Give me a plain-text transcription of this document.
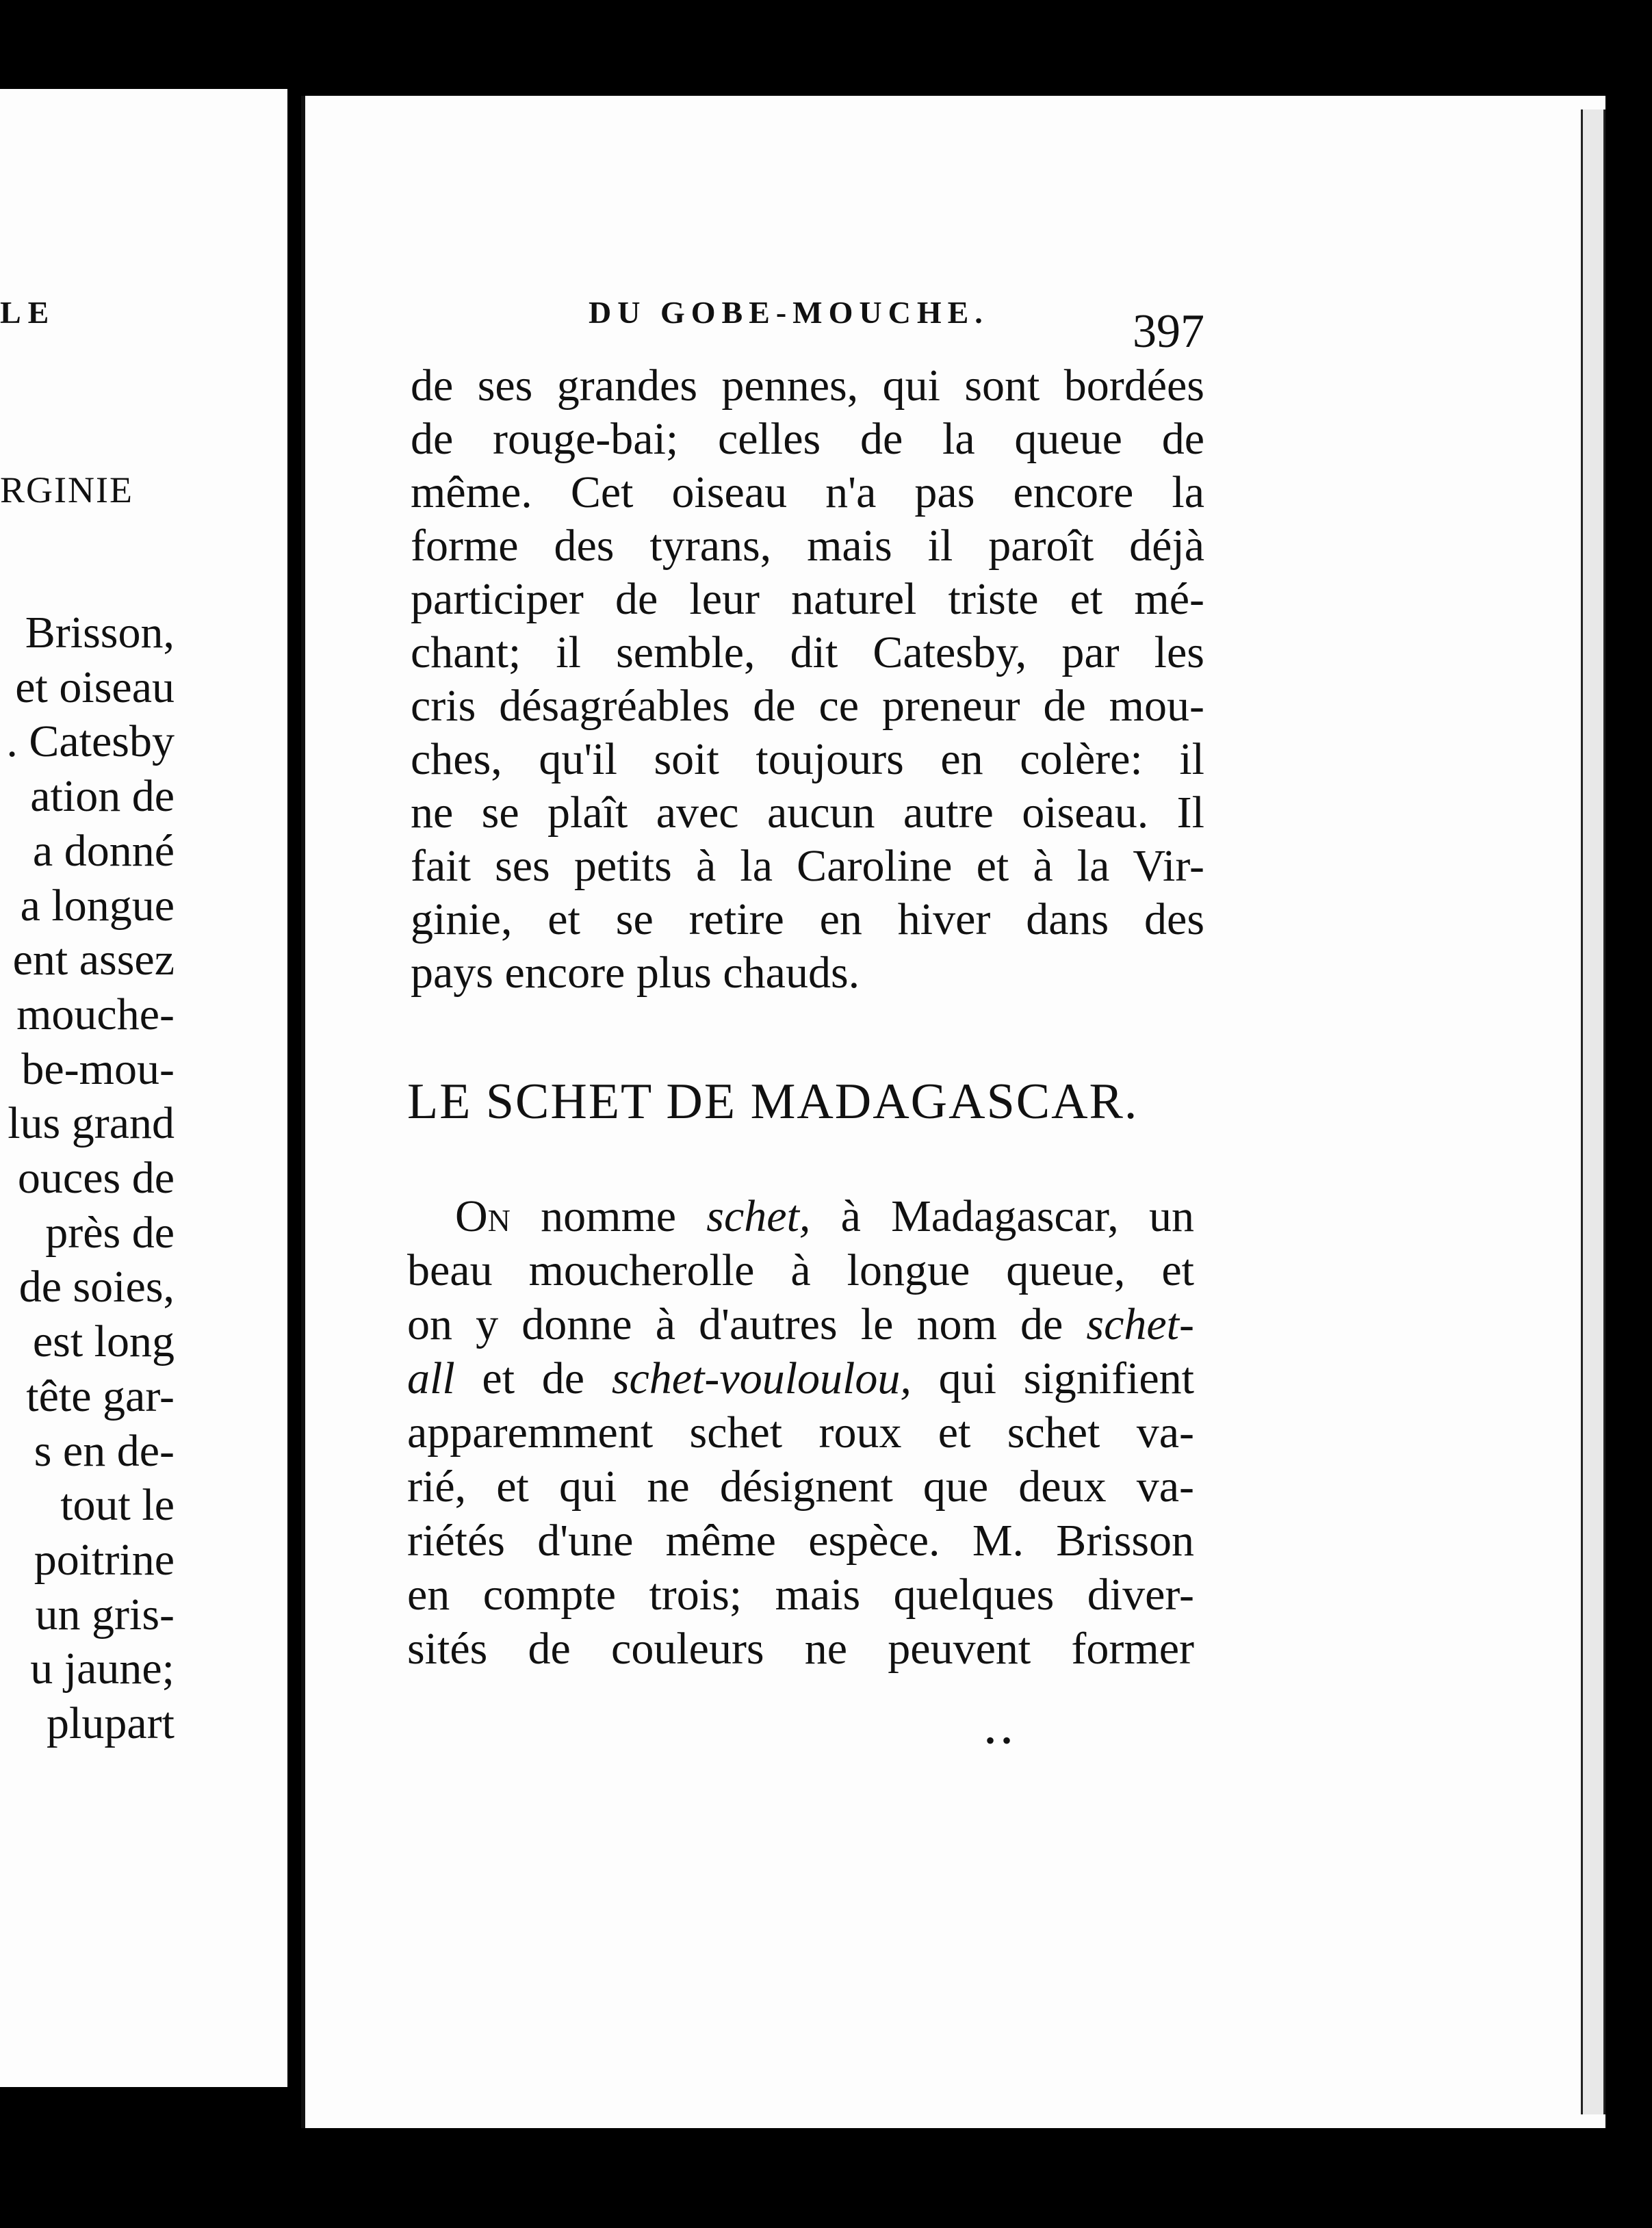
LE
RGINIE
Brisson,
et oiseau
. Catesby
ation de
a donné
a longue
ent assez
mouche-
be-mou-
lus grand
ouces de
près de
de soies,
est long
tête gar-
s en de-
tout le
poitrine
un gris-
u jaune;
plupart
DU GOBE-MOUCHE.	397
de ses grandes pennes, qui sont bordées
de rouge-bai; celles de la queue de
même. Cet oiseau n'a pas encore la
forme des tyrans, mais il paroît déjà
participer de leur naturel triste et mé-
chant; il semble, dit Catesby, par les
cris désagréables de ce preneur de mou-
ches, qu'il soit toujours en colère: il
ne se plaît avec aucun autre oiseau. Il
fait ses petits à la Caroline et à la Vir-
ginie, et se retire en hiver dans des
pays encore plus chauds.
LE SCHET DE MADAGASCAR.
On nomme schet, à Madagascar, un
beau moucherolle à longue queue, et
on y donne à d'autres le nom de schet-
all et de schet-vouloulou, qui signifient
apparemment schet roux et schet va-
rié, et qui ne désignent que deux va-
riétés d'une même espèce. M. Brisson
en compte trois; mais quelques diver-
sités de couleurs ne peuvent former
• •
